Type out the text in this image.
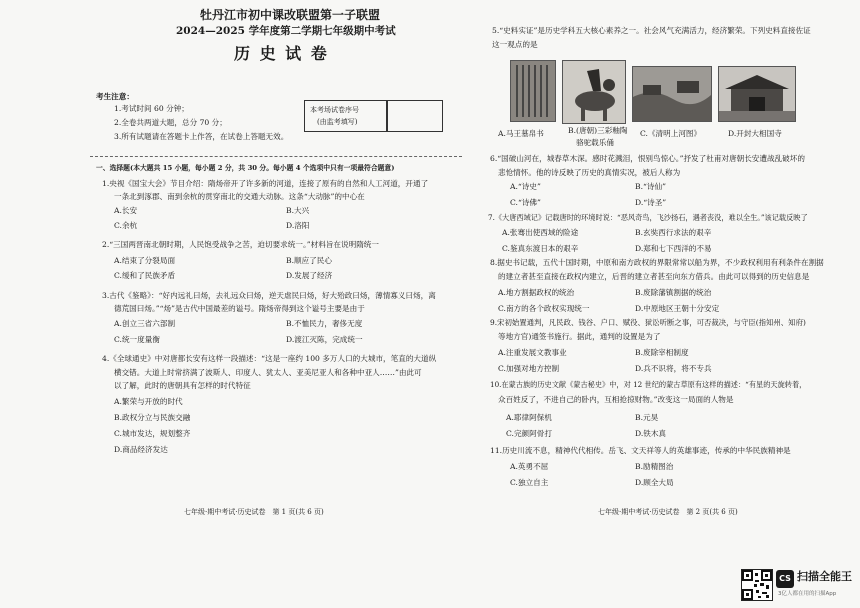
牡丹江市初中课改联盟第一子联盟
2024—2025 学年度第二学期七年级期中考试
历 史 试 卷
考生注意：
1.考试时间 60 分钟；
2.全卷共两道大题，总分 70 分；
3.所有试题请在答题卡上作答，在试卷上答题无效。
本考场试卷序号
(由监考填写)
一、选择题(本大题共 15 小题，每小题 2 分，共 30 分。每小题 4 个选项中只有一项最符合题意)
1.央视《国宝大会》节目介绍：隋炀帝开了许多新的河道，连接了原有的自然和人工河道，开通了
一条北到涿郡、南到余杭的贯穿南北的交通大动脉。这条“大动脉”的中心在
A.长安	B.大兴
C.余杭	D.洛阳
2.“三国两晋南北朝时期，人民饱受战争之苦，迫切要求统一。”材料旨在说明隋统一
A.结束了分裂局面	B.顺应了民心
C.缓和了民族矛盾	D.发展了经济
3.古代《鉴略》：“好内远礼曰炀，去礼远众曰炀，逆天虐民曰炀，好大殆政曰炀，薄情寡义曰炀，离
德荒国曰炀。”“炀”是古代中国最差的谥号。隋炀帝得到这个谥号主要是由于
A.创立三省六部制	B.不恤民力，奢侈无度
C.统一度量衡	D.渡江灭陈，完成统一
4.《全球通史》中对唐都长安有这样一段描述：“这是一座约 100 多万人口的大城市，笔直的大道纵
横交错。大道上时常挤满了波斯人、印度人、犹太人、亚美尼亚人和各种中亚人……”由此可
以了解，此时的唐朝具有怎样的时代特征
A.繁荣与开放的时代
B.政权分立与民族交融
C.城市发达，规划整齐
D.商品经济发达
七年级·期中考试·历史试卷　第 1 页(共 6 页)
5.“史料实证”是历史学科五大核心素养之一。社会风气充满活力，经济繁荣。下列史料直接佐证
这一观点的是
A.马王墓帛书	B.(唐朝)三彩釉陶
骆驼载乐俑
C.《清明上河图》	D.开封大相国寺
6.“国破山河在，城春草木深。感时花溅泪，恨别鸟惊心。”抒发了杜甫对唐朝长安遭战乱破坏的
悲怆情怀。他的诗反映了历史的真情实况，被后人称为
A.“诗史”	B.“诗仙”
C.“诗佛”	D.“诗圣”
7.《大唐西域记》记载唐时的环境时说：“恶风奇鸟，飞沙扬石，遇者丧没，难以全生。”该记载反映了
A.张骞出使西域的险途	B.玄奘西行求法的艰辛
C.鉴真东渡日本的艰辛	D.郑和七下西洋的不易
8.据史书记载，五代十国时期，中原和南方政权的界限常常以船为界，不少政权利用有利条件在割据
的建立者甚至直接在政权内建立，后晋的建立者甚至向东方借兵。由此可以得到的历史信息是
A.地方割据政权的统治	B.废除藩镇割据的统治
C.南方的各个政权实现统一	D.中原地区王朝十分安定
9.宋初始置通判，凡民政、钱谷、户口、赋役、狱讼听断之事，可否裁决，与守臣(指知州、知府)
等地方官)通签书施行。据此，通判的设置是为了
A.注重发展文教事业	B.废除宰相制度
C.加强对地方控制	D.兵不识将，将不专兵
10.在蒙古族的历史文献《蒙古秘史》中，对 12 世纪的蒙古草原有这样的描述：“有星的天旋转着，
众百姓反了，不进自己的卧内，互相抢掠财物。”改变这一局面的人物是
A.耶律阿保机	B.元昊
C.完颜阿骨打	D.铁木真
11.历史川流不息，精神代代相传。岳飞、文天祥等人的英雄事迹，传承的中华民族精神是
A.英勇不屈	B.励精图治
C.独立自主	D.顾全大局
七年级·期中考试·历史试卷　第 2 页(共 6 页)
CS 扫描全能王
3亿人都在用的扫描App
